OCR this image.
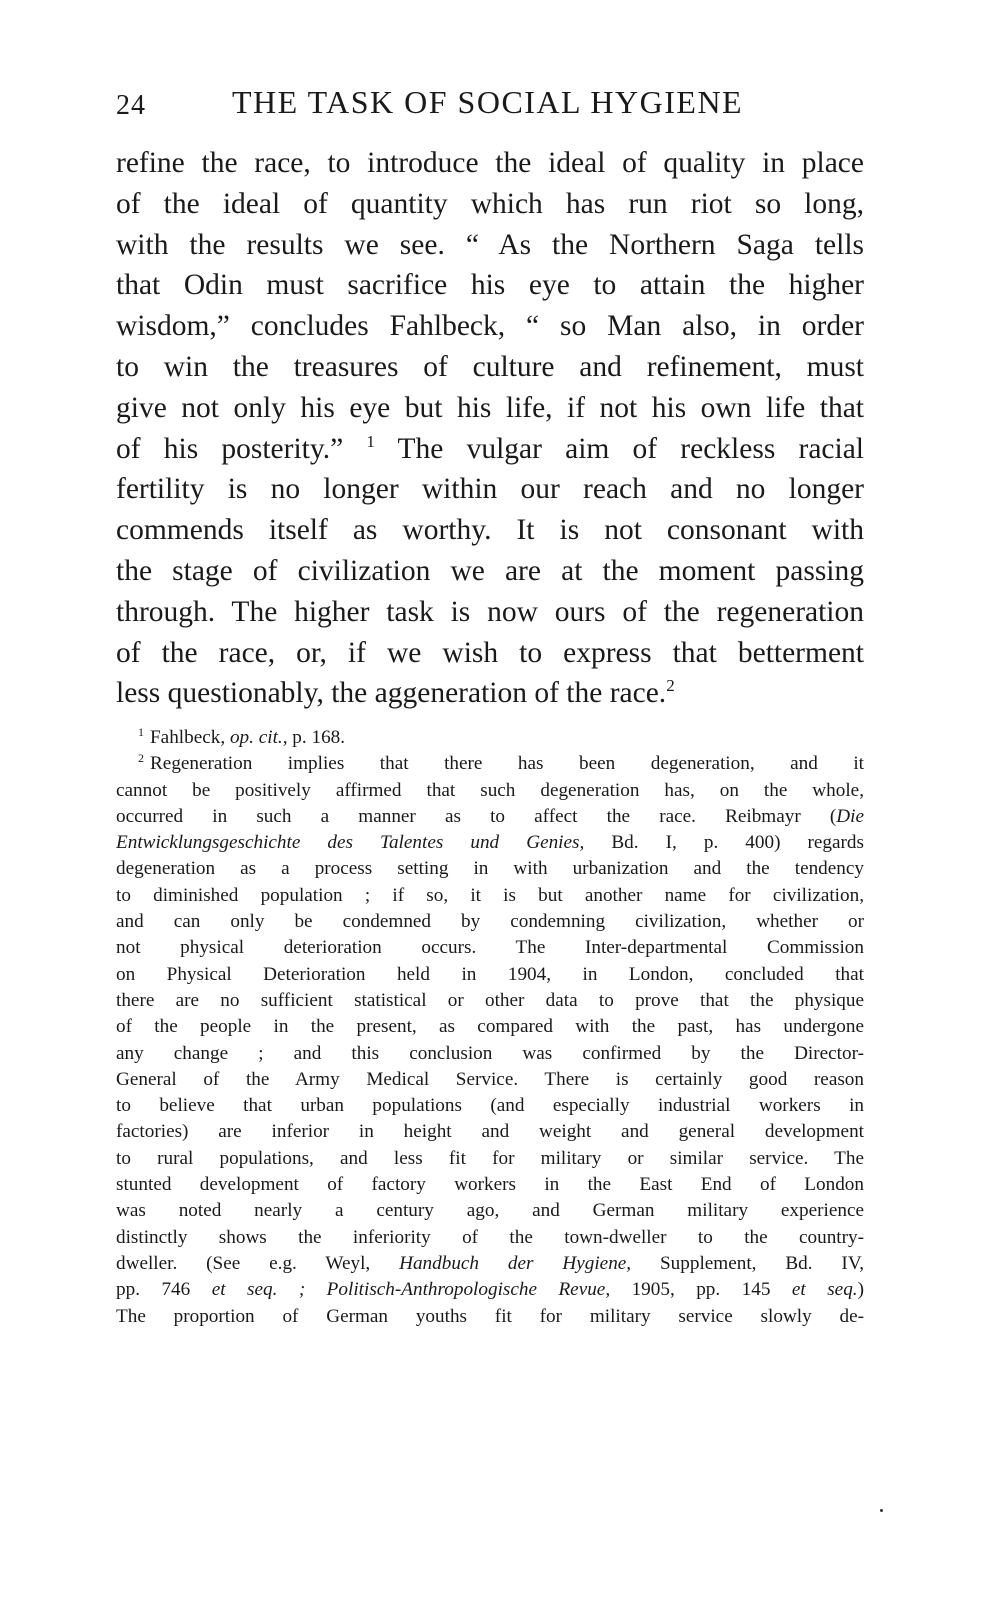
24	THE TASK OF SOCIAL HYGIENE
refine the race, to introduce the ideal of quality in place
of the ideal of quantity which has run riot so long,
with the results we see. “ As the Northern Saga tells
that Odin must sacrifice his eye to attain the higher
wisdom,” concludes Fahlbeck, “ so Man also, in order
to win the treasures of culture and refinement, must
give not only his eye but his life, if not his own life that
of his posterity.” $^1$ The vulgar aim of reckless racial
fertility is no longer within our reach and no longer
commends itself as worthy. It is not consonant with
the stage of civilization we are at the moment passing
through. The higher task is now ours of the regeneration
of the race, or, if we wish to express that betterment
less questionably, the aggeneration of the race.$^2$
$^1$ Fahlbeck, op. cit., p. 168.
$^2$ Regeneration implies that there has been degeneration, and it
cannot be positively affirmed that such degeneration has, on the whole,
occurred in such a manner as to affect the race. Reibmayr (Die
Entwicklungsgeschichte des Talentes und Genies, Bd. I, p. 400) regards
degeneration as a process setting in with urbanization and the tendency
to diminished population ; if so, it is but another name for civilization,
and can only be condemned by condemning civilization, whether or
not physical deterioration occurs. The Inter-departmental Commission
on Physical Deterioration held in 1904, in London, concluded that
there are no sufficient statistical or other data to prove that the physique
of the people in the present, as compared with the past, has undergone
any change ; and this conclusion was confirmed by the Director-
General of the Army Medical Service. There is certainly good reason
to believe that urban populations (and especially industrial workers in
factories) are inferior in height and weight and general development
to rural populations, and less fit for military or similar service. The
stunted development of factory workers in the East End of London
was noted nearly a century ago, and German military experience
distinctly shows the inferiority of the town-dweller to the country-
dweller. (See e.g. Weyl, Handbuch der Hygiene, Supplement, Bd. IV,
pp. 746 et seq. ; Politisch-Anthropologische Revue, 1905, pp. 145 et seq.)
The proportion of German youths fit for military service slowly de-
